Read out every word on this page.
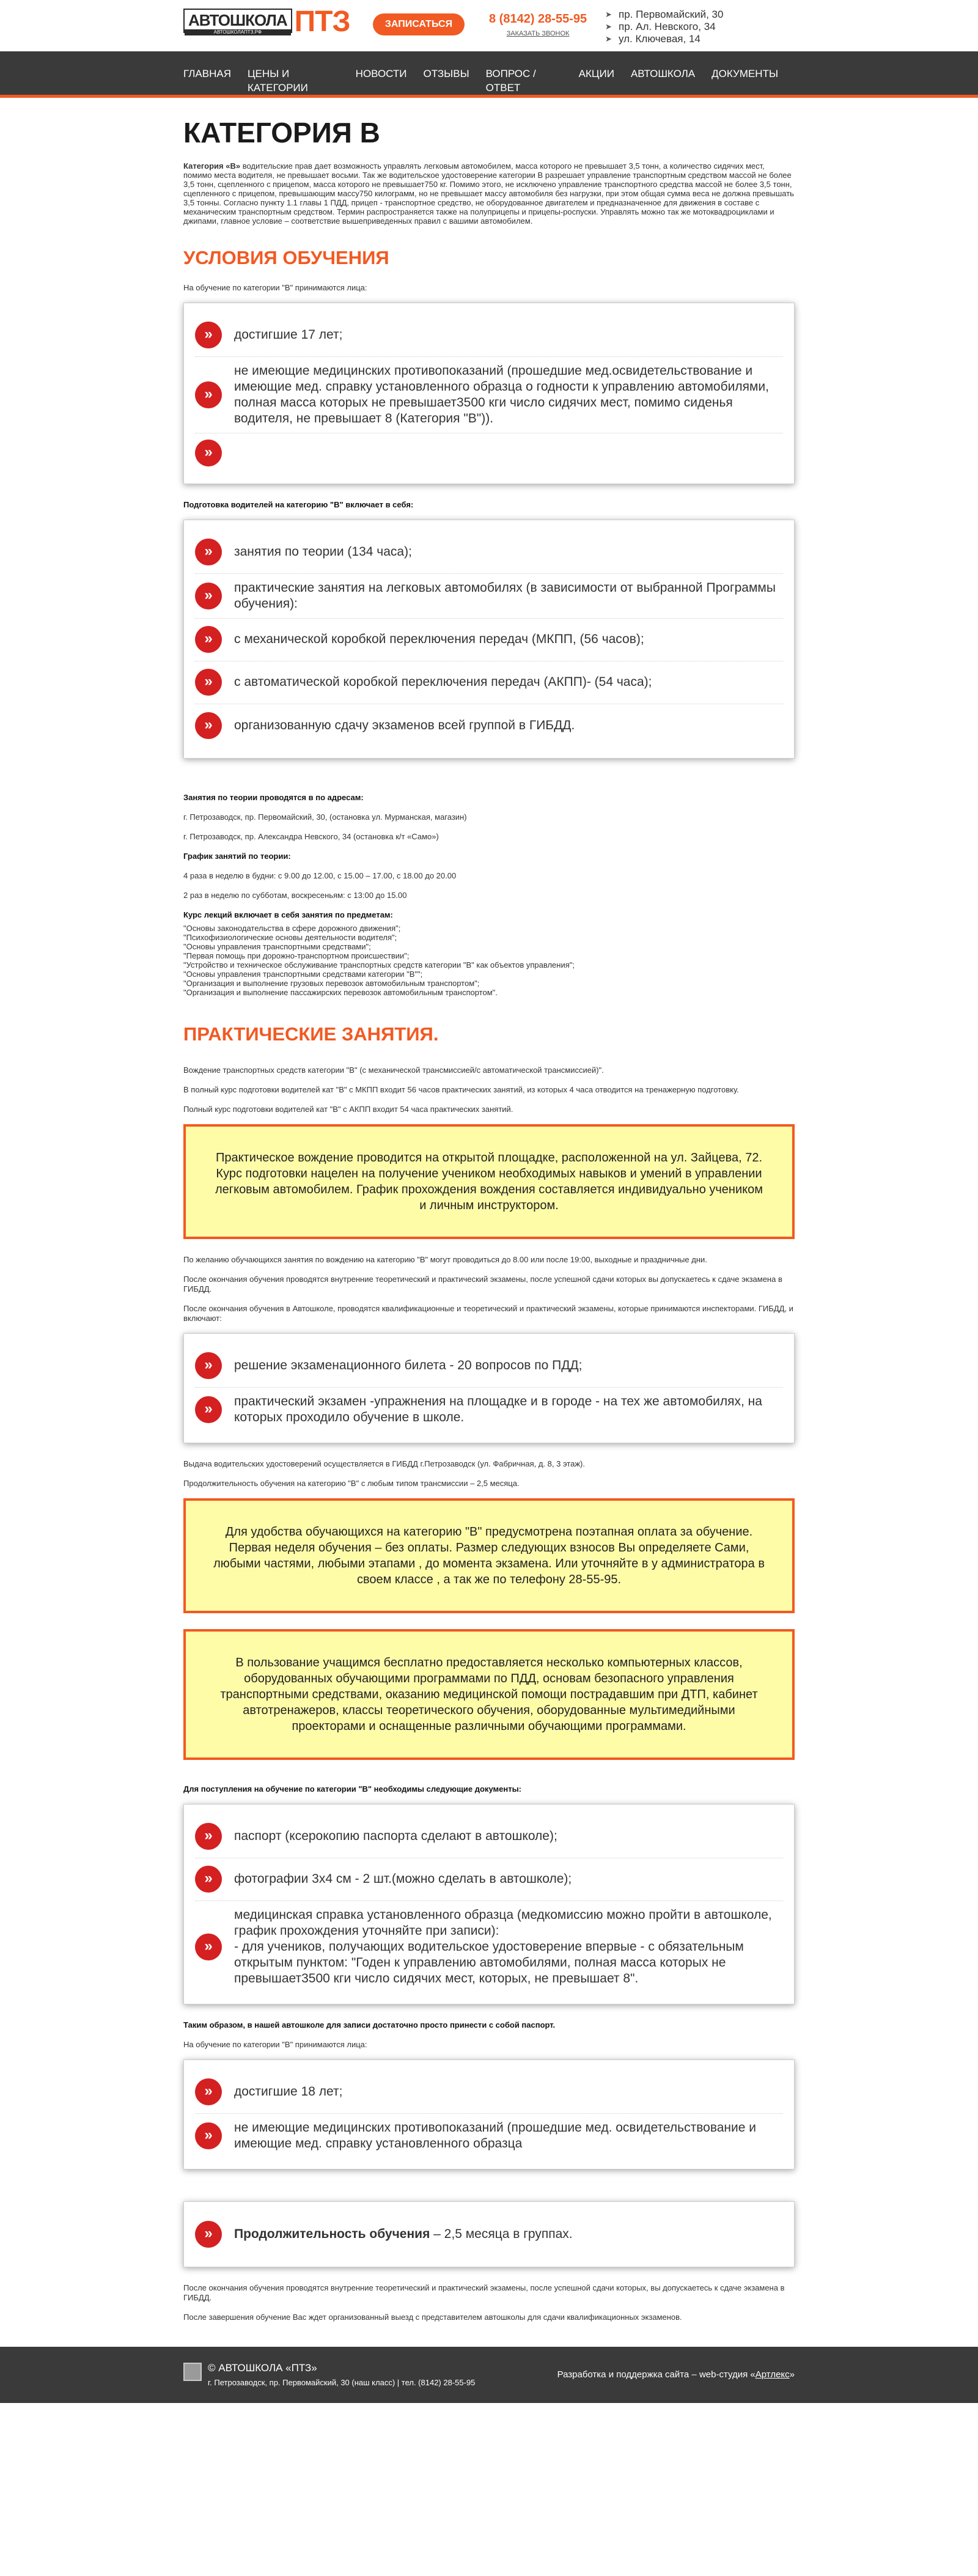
АВТОШКОЛА
АВТОШКОЛАПТЗ.РФ	ПТЗ	ЗАПИСАТЬСЯ	8 (8142) 28-55-95
ЗАКАЗАТЬ ЗВОНОК
➤ пр. Первомайский, 30
➤ пр. Ал. Невского, 34
➤ ул. Ключевая, 14
ГЛАВНАЯ ЦЕНЫ И КАТЕГОРИИ
НОВОСТИ ОТЗЫВЫ ВОПРОС / ОТВЕТ
АКЦИИ АВТОШКОЛА ДОКУМЕНТЫ
КАТЕГОРИЯ В

Категория «В» водительские прав дает возможность управлять легковым автомобилем, масса которого не превышает 3,5 тонн, а количество сидячих мест, помимо места водителя, не превышает восьми. Так же водительское удостоверение категории В разрешает управление транспортным средством массой не более 3,5 тонн, сцепленного с прицепом, масса которого не превышает750 кг. Помимо этого, не исключено управление транспортного средства массой не более 3,5 тонн, сцепленного с прицепом, превышающим массу750 килограмм, но не превышает массу автомобиля без нагрузки, при этом общая сумма веса не должна превышать 3,5 тонны. Согласно пункту 1.1 главы 1 ПДД, прицеп - транспортное средство, не оборудованное двигателем и предназначенное для движения в составе с механическим транспортным средством. Термин распространяется также на полуприцепы и прицепы-роспуски. Управлять можно так же мотоквадроциклами и джипами, главное условие – соответствие вышеприведенных правил с вашими автомобилем.

УСЛОВИЯ ОБУЧЕНИЯ

На обучение по категории "В" принимаются лица:

»	достигшие 17 лет;
»
не имеющие медицинских противопоказаний (прошедшие мед.освидетельствование и имеющие мед. справку установленного образца о годности к управлению автомобилями, полная масса которых не превышает3500 кги число сидячих мест, помимо сиденья водителя, не превышает 8 (Категория "В")).
»

Подготовка водителей на категорию "В" включает в себя:

»	занятия по теории (134 часа);
»	практические занятия на легковых автомобилях (в зависимости от выбранной Программы обучения):
»	с механической коробкой переключения передач (МКПП, (56 часов);
»	с автоматической коробкой переключения передач (АКПП)- (54 часа);
»	организованную сдачу экзаменов всей группой в ГИБДД.

Занятия по теории проводятся в по адресам:

г. Петрозаводск, пр. Первомайский, 30, (остановка ул. Мурманская, магазин)

г. Петрозаводск, пр. Александра Невского, 34 (остановка к/т «Само»)

График занятий по теории:

4 раза в неделю в будни: с 9.00 до 12.00, с 15.00 – 17.00, с 18.00 до 20.00

2 раз в неделю по субботам, воскресеньям: с 13:00 до 15.00

Курс лекций включает в себя занятия по предметам:

"Основы законодательства в сфере дорожного движения";
"Психофизиологические основы деятельности водителя";
"Основы управления транспортными средствами";
"Первая помощь при дорожно-транспортном происшествии";
"Устройство и техническое обслуживание транспортных средств категории "В" как объектов управления";
"Основы управления транспортными средствами категории "В"";
"Организация и выполнение грузовых перевозок автомобильным транспортом";
"Организация и выполнение пассажирских перевозок автомобильным транспортом".
ПРАКТИЧЕСКИЕ ЗАНЯТИЯ.

Вождение транспортных средств категории "В" (с механической трансмиссией/с автоматической трансмиссией)".

В полный курс подготовки водителей кат "В" с МКПП входит 56 часов практических занятий, из которых 4 часа отводится на тренажерную подготовку.

Полный курс подготовки водителей кат "В" с АКПП входит 54 часа практических занятий.

Практическое вождение проводится на открытой площадке, расположенной на ул. Зайцева, 72. Курс подготовки нацелен на получение учеником необходимых навыков и умений в управлении легковым автомобилем. График прохождения вождения составляется индивидуально учеником и личным инструктором.

По желанию обучающихся занятия по вождению на категорию "В" могут проводиться до 8.00 или после 19:00, выходные и праздничные дни.

После окончания обучения проводятся внутренние теоретический и практический экзамены, после успешной сдачи которых вы допускаетесь к сдаче экзамена в ГИБДД.

После окончания обучения в Автошколе, проводятся квалификационные и теоретический и практический экзамены, которые принимаются инспекторами. ГИБДД, и включают:

»	решение экзаменационного билета - 20 вопросов по ПДД;
»	практический экзамен -упражнения на площадке и в городе - на тех же автомобилях, на которых проходило обучение в школе.

Выдача водительских удостоверений осуществляется в ГИБДД г.Петрозаводск (ул. Фабричная, д. 8, 3 этаж).

Продолжительность обучения на категорию "В" с любым типом трансмиссии – 2,5 месяца.

Для удобства обучающихся на категорию "В" предусмотрена поэтапная оплата за обучение. Первая неделя обучения – без оплаты. Размер следующих взносов Вы определяете Сами, любыми частями, любыми этапами , до момента экзамена. Или уточняйте в у администратора в своем классе , а так же по телефону 28-55-95.
В пользование учащимся бесплатно предоставляется несколько компьютерных классов, оборудованных обучающими программами по ПДД, основам безопасного управления транспортными средствами, оказанию медицинской помощи пострадавшим при ДТП, кабинет автотренажеров, классы теоретического обучения, оборудованные мультимедийными проекторами и оснащенные различными обучающими программами.

Для поступления на обучение по категории "В" необходимы следующие документы:

»	паспорт (ксерокопию паспорта сделают в автошколе);
»	фотографии 3х4 см - 2 шт.(можно сделать в автошколе);
»
медицинская справка установленного образца (медкомиссию можно пройти в автошколе, график прохождения уточняйте при записи):
- для учеников, получающих водительское удостоверение впервые - с обязательным открытым пунктом: "Годен к управлению автомобилями, полная масса которых не превышает3500 кги число сидячих мест, которых, не превышает 8".

Таким образом, в нашей автошколе для записи достаточно просто принести с собой паспорт.

На обучение по категории "В" принимаются лица:

»	достигшие 18 лет;
»	не имеющие медицинских противопоказаний (прошедшие мед. освидетельствование и имеющие мед. справку установленного образца
»	Продолжительность обучения – 2,5 месяца в группах.

После окончания обучения проводятся внутренние теоретический и практический экзамены, после успешной сдачи которых, вы допускаетесь к сдаче экзамена в ГИБДД.

После завершения обучение Вас ждет организованный выезд с представителем автошколы для сдачи квалификационных экзаменов.

© АВТОШКОЛА «ПТЗ»
г. Петрозаводск, пр. Первомайский, 30 (наш класс) | тел. (8142) 28-55-95
Разработка и поддержка сайта – web-студия «Артлекс»
